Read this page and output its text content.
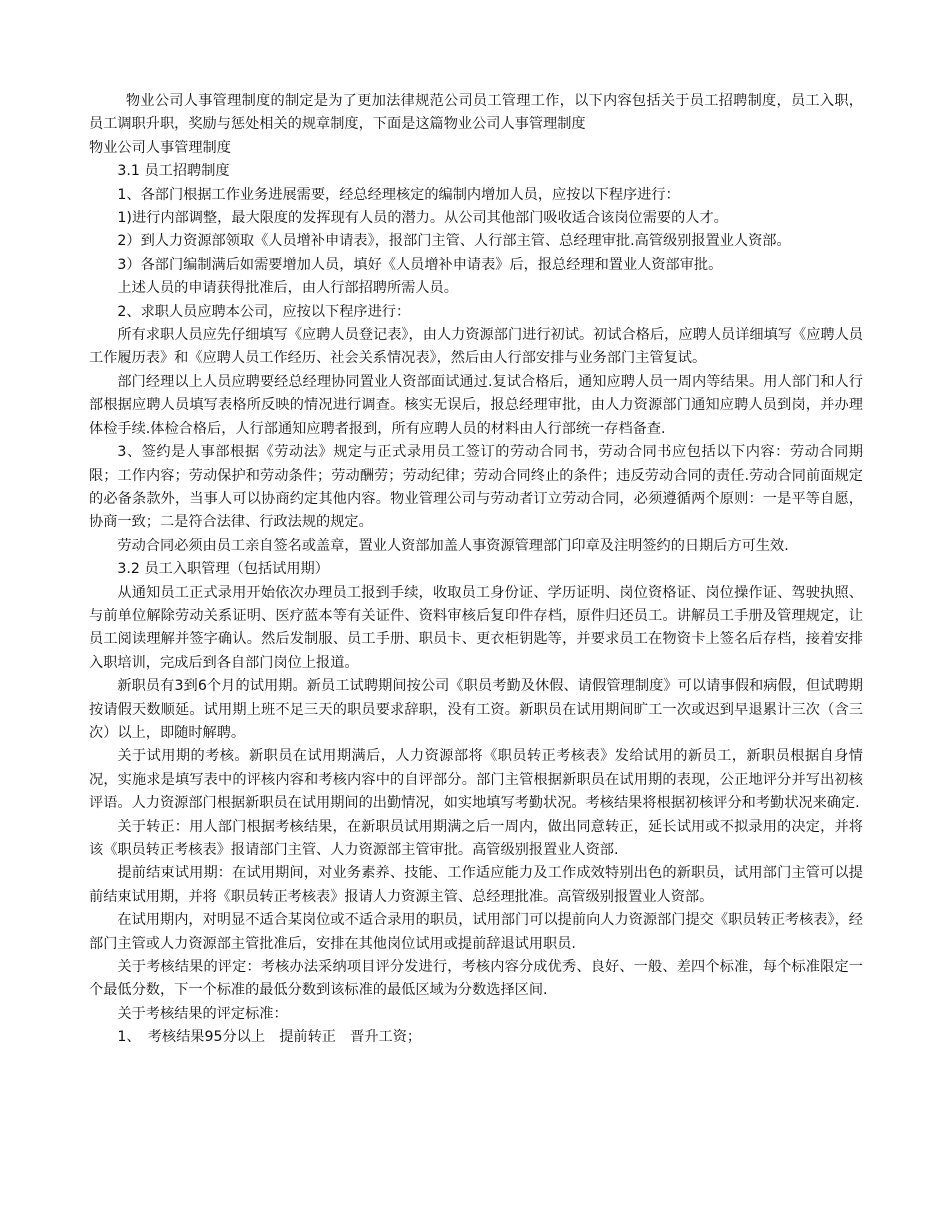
物业公司人事管理制度的制定是为了更加法律规范公司员工管理工作，以下内容包括关于员工招聘制度，员工入职，员工调职升职，奖励与惩处相关的规章制度，下面是这篇物业公司人事管理制度

物业公司人事管理制度

3.1 员工招聘制度

1、各部门根据工作业务进展需要，经总经理核定的编制内增加人员，应按以下程序进行：

1)进行内部调整，最大限度的发挥现有人员的潜力。从公司其他部门吸收适合该岗位需要的人才。

2）到人力资源部领取《人员增补申请表》，报部门主管、人行部主管、总经理审批.高管级别报置业人资部。

3）各部门编制满后如需要增加人员，填好《人员增补申请表》后，报总经理和置业人资部审批。

上述人员的申请获得批准后，由人行部招聘所需人员。

2、求职人员应聘本公司，应按以下程序进行：

所有求职人员应先仔细填写《应聘人员登记表》，由人力资源部门进行初试。初试合格后，应聘人员详细填写《应聘人员工作履历表》和《应聘人员工作经历、社会关系情况表》，然后由人行部安排与业务部门主管复试。

部门经理以上人员应聘要经总经理协同置业人资部面试通过.复试合格后，通知应聘人员一周内等结果。用人部门和人行部根据应聘人员填写表格所反映的情况进行调查。核实无误后，报总经理审批，由人力资源部门通知应聘人员到岗，并办理体检手续.体检合格后，人行部通知应聘者报到，所有应聘人员的材料由人行部统一存档备查.

3、签约是人事部根据《劳动法》规定与正式录用员工签订的劳动合同书，劳动合同书应包括以下内容：劳动合同期限；工作内容；劳动保护和劳动条件；劳动酬劳；劳动纪律；劳动合同终止的条件；违反劳动合同的责任.劳动合同前面规定的必备条款外，当事人可以协商约定其他内容。物业管理公司与劳动者订立劳动合同，必须遵循两个原则：一是平等自愿，协商一致；二是符合法律、行政法规的规定。

劳动合同必须由员工亲自签名或盖章，置业人资部加盖人事资源管理部门印章及注明签约的日期后方可生效.

3.2 员工入职管理（包括试用期）

从通知员工正式录用开始依次办理员工报到手续，收取员工身份证、学历证明、岗位资格证、岗位操作证、驾驶执照、与前单位解除劳动关系证明、医疗蓝本等有关证件、资料审核后复印件存档，原件归还员工。讲解员工手册及管理规定，让员工阅读理解并签字确认。然后发制服、员工手册、职员卡、更衣柜钥匙等，并要求员工在物资卡上签名后存档，接着安排入职培训，完成后到各自部门岗位上报道。

新职员有3到6个月的试用期。新员工试聘期间按公司《职员考勤及休假、请假管理制度》可以请事假和病假，但试聘期按请假天数顺延。试用期上班不足三天的职员要求辞职，没有工资。新职员在试用期间旷工一次或迟到早退累计三次（含三次）以上，即随时解聘。

关于试用期的考核。新职员在试用期满后，人力资源部将《职员转正考核表》发给试用的新员工，新职员根据自身情况，实施求是填写表中的评核内容和考核内容中的自评部分。部门主管根据新职员在试用期的表现，公正地评分并写出初核评语。人力资源部门根据新职员在试用期间的出勤情况，如实地填写考勤状况。考核结果将根据初核评分和考勤状况来确定.

关于转正：用人部门根据考核结果，在新职员试用期满之后一周内，做出同意转正，延长试用或不拟录用的决定，并将该《职员转正考核表》报请部门主管、人力资源部主管审批。高管级别报置业人资部.

提前结束试用期：在试用期间，对业务素养、技能、工作适应能力及工作成效特别出色的新职员，试用部门主管可以提前结束试用期，并将《职员转正考核表》报请人力资源主管、总经理批准。高管级别报置业人资部。

在试用期内，对明显不适合某岗位或不适合录用的职员，试用部门可以提前向人力资源部门提交《职员转正考核表》，经部门主管或人力资源部主管批准后，安排在其他岗位试用或提前辞退试用职员.

关于考核结果的评定：考核办法采纳项目评分发进行，考核内容分成优秀、良好、一般、差四个标准，每个标准限定一个最低分数，下一个标准的最低分数到该标准的最低区域为分数选择区间.

关于考核结果的评定标准：

1、　考核结果95分以上　提前转正　晋升工资；
